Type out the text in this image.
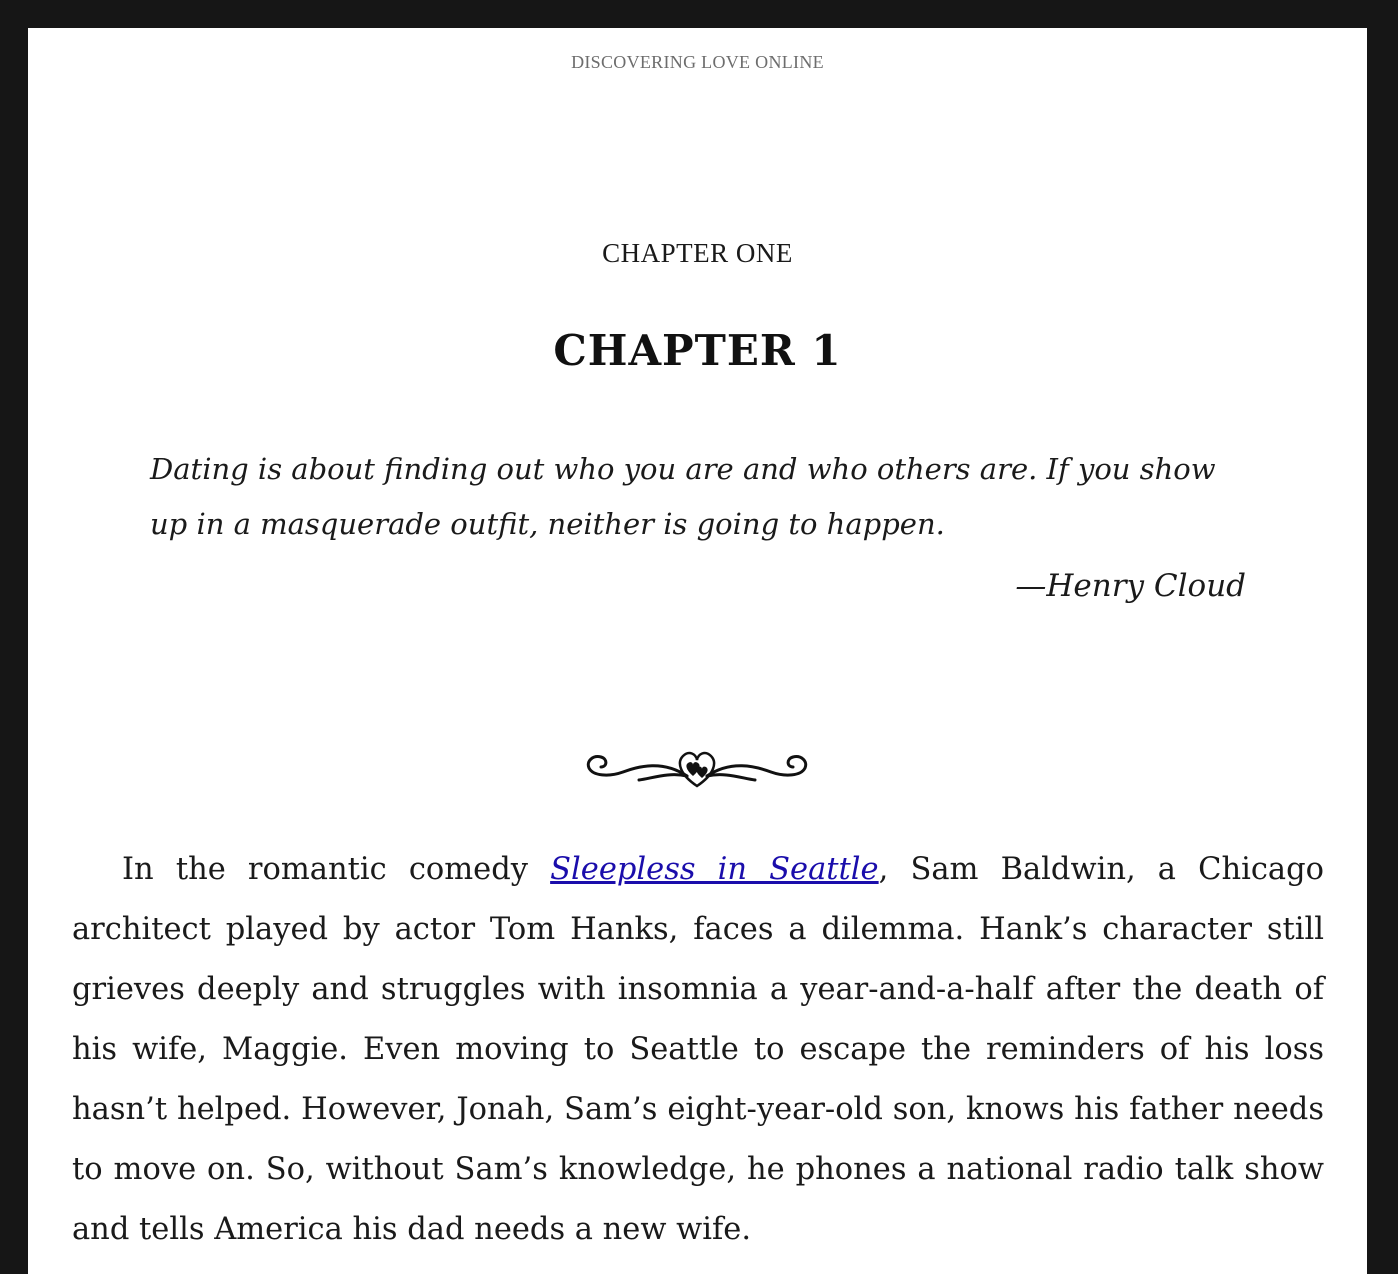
DISCOVERING LOVE ONLINE
CHAPTER ONE
CHAPTER 1
Dating is about finding out who you are and who others are. If you show up in a masquerade outfit, neither is going to happen.
—Henry Cloud

In the romantic comedy Sleepless in Seattle, Sam Baldwin, a Chicago architect played by actor Tom Hanks, faces a dilemma. Hank’s character still grieves deeply and struggles with insomnia a year-and-a-half after the death of his wife, Maggie. Even moving to Seattle to escape the reminders of his loss hasn’t helped. However, Jonah, Sam’s eight-year-old son, knows his father needs to move on. So, without Sam’s knowledge, he phones a national radio talk show and tells America his dad needs a new wife.
